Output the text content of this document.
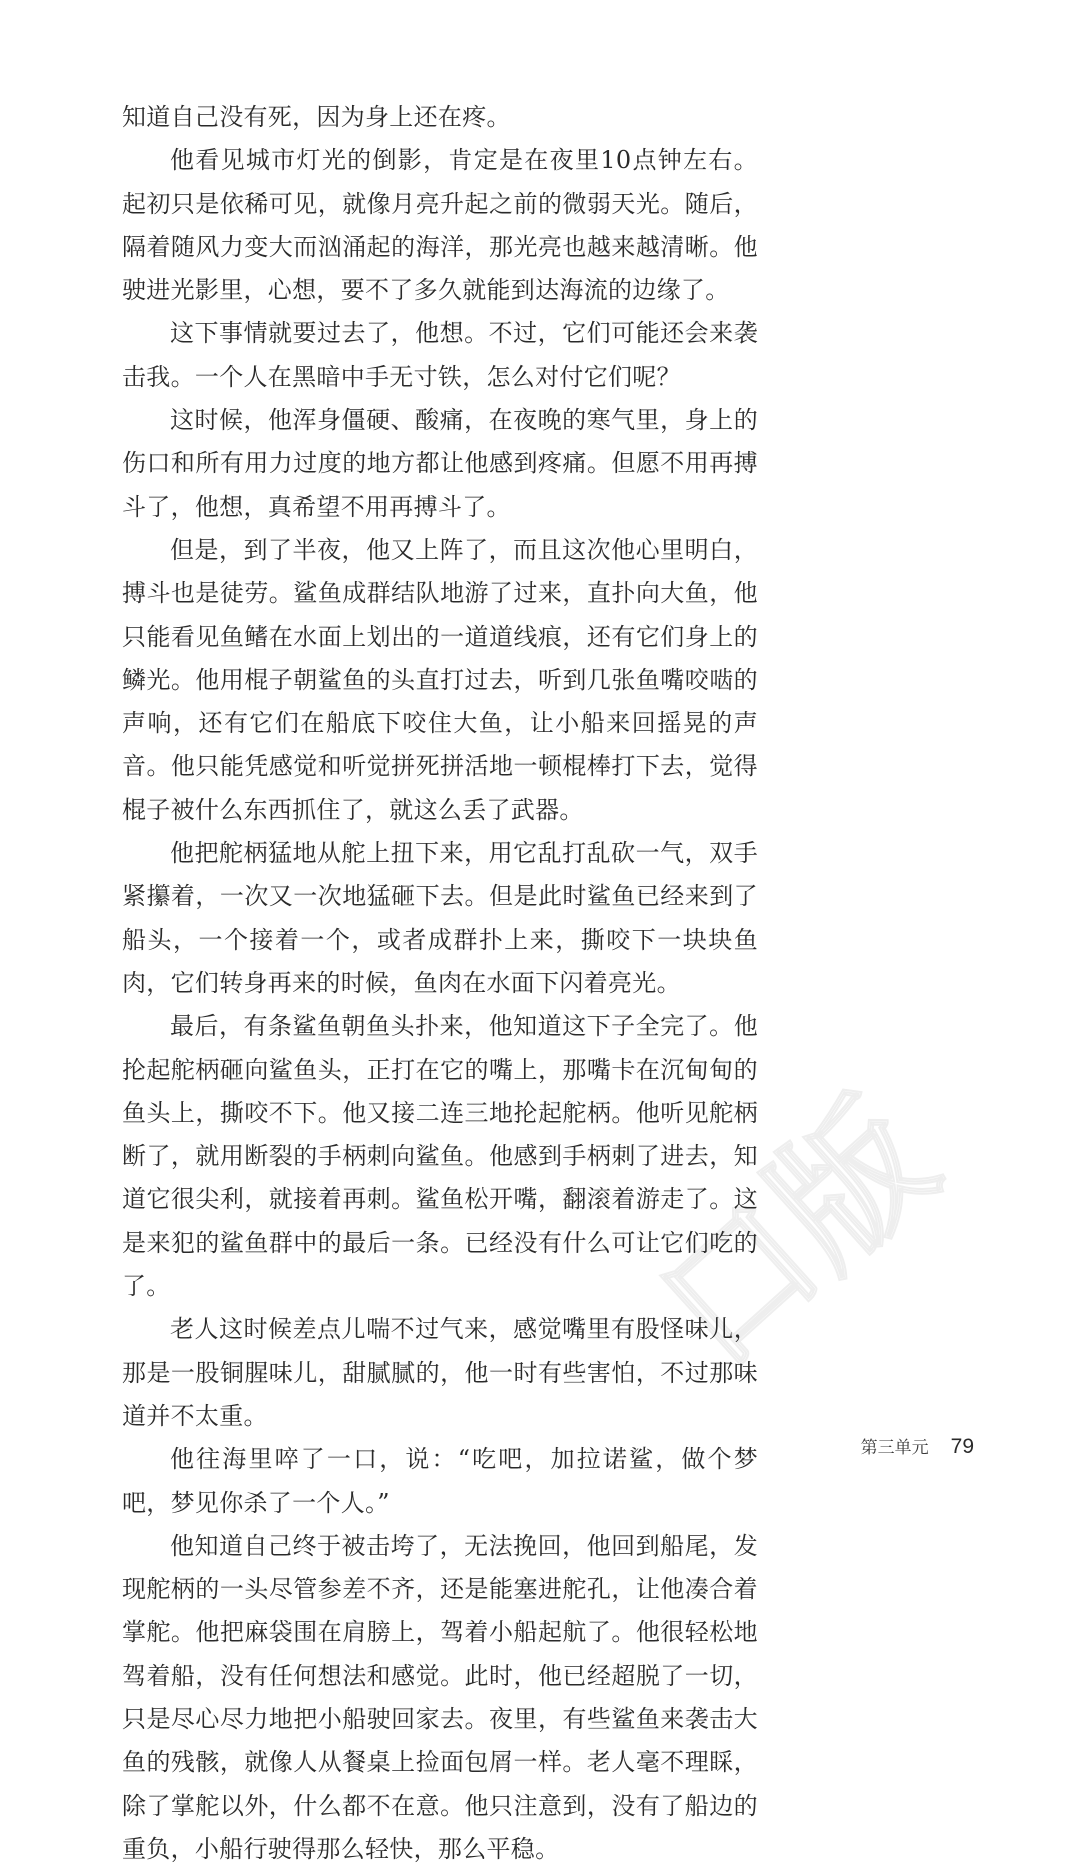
口版

知道自己没有死，因为身上还在疼。

他看见城市灯光的倒影，肯定是在夜里10点钟左右。起初只是依稀可见，就像月亮升起之前的微弱天光。随后，隔着随风力变大而汹涌起的海洋，那光亮也越来越清晰。他驶进光影里，心想，要不了多久就能到达海流的边缘了。

这下事情就要过去了，他想。不过，它们可能还会来袭击我。一个人在黑暗中手无寸铁，怎么对付它们呢？

这时候，他浑身僵硬、酸痛，在夜晚的寒气里，身上的伤口和所有用力过度的地方都让他感到疼痛。但愿不用再搏斗了，他想，真希望不用再搏斗了。

但是，到了半夜，他又上阵了，而且这次他心里明白，搏斗也是徒劳。鲨鱼成群结队地游了过来，直扑向大鱼，他只能看见鱼鳍在水面上划出的一道道线痕，还有它们身上的鳞光。他用棍子朝鲨鱼的头直打过去，听到几张鱼嘴咬啮的声响，还有它们在船底下咬住大鱼，让小船来回摇晃的声音。他只能凭感觉和听觉拼死拼活地一顿棍棒打下去，觉得棍子被什么东西抓住了，就这么丢了武器。

他把舵柄猛地从舵上扭下来，用它乱打乱砍一气，双手紧攥着，一次又一次地猛砸下去。但是此时鲨鱼已经来到了船头，一个接着一个，或者成群扑上来，撕咬下一块块鱼肉，它们转身再来的时候，鱼肉在水面下闪着亮光。

最后，有条鲨鱼朝鱼头扑来，他知道这下子全完了。他抡起舵柄砸向鲨鱼头，正打在它的嘴上，那嘴卡在沉甸甸的鱼头上，撕咬不下。他又接二连三地抡起舵柄。他听见舵柄断了，就用断裂的手柄刺向鲨鱼。他感到手柄刺了进去，知道它很尖利，就接着再刺。鲨鱼松开嘴，翻滚着游走了。这是来犯的鲨鱼群中的最后一条。已经没有什么可让它们吃的了。

老人这时候差点儿喘不过气来，感觉嘴里有股怪味儿，那是一股铜腥味儿，甜腻腻的，他一时有些害怕，不过那味道并不太重。

他往海里啐了一口，说：“吃吧，加拉诺鲨，做个梦吧，梦见你杀了一个人。”

他知道自己终于被击垮了，无法挽回，他回到船尾，发现舵柄的一头尽管参差不齐，还是能塞进舵孔，让他凑合着掌舵。他把麻袋围在肩膀上，驾着小船起航了。他很轻松地驾着船，没有任何想法和感觉。此时，他已经超脱了一切，只是尽心尽力地把小船驶回家去。夜里，有些鲨鱼来袭击大鱼的残骸，就像人从餐桌上捡面包屑一样。老人毫不理睬，除了掌舵以外，什么都不在意。他只注意到，没有了船边的重负，小船行驶得那么轻快，那么平稳。

第三单元 79
